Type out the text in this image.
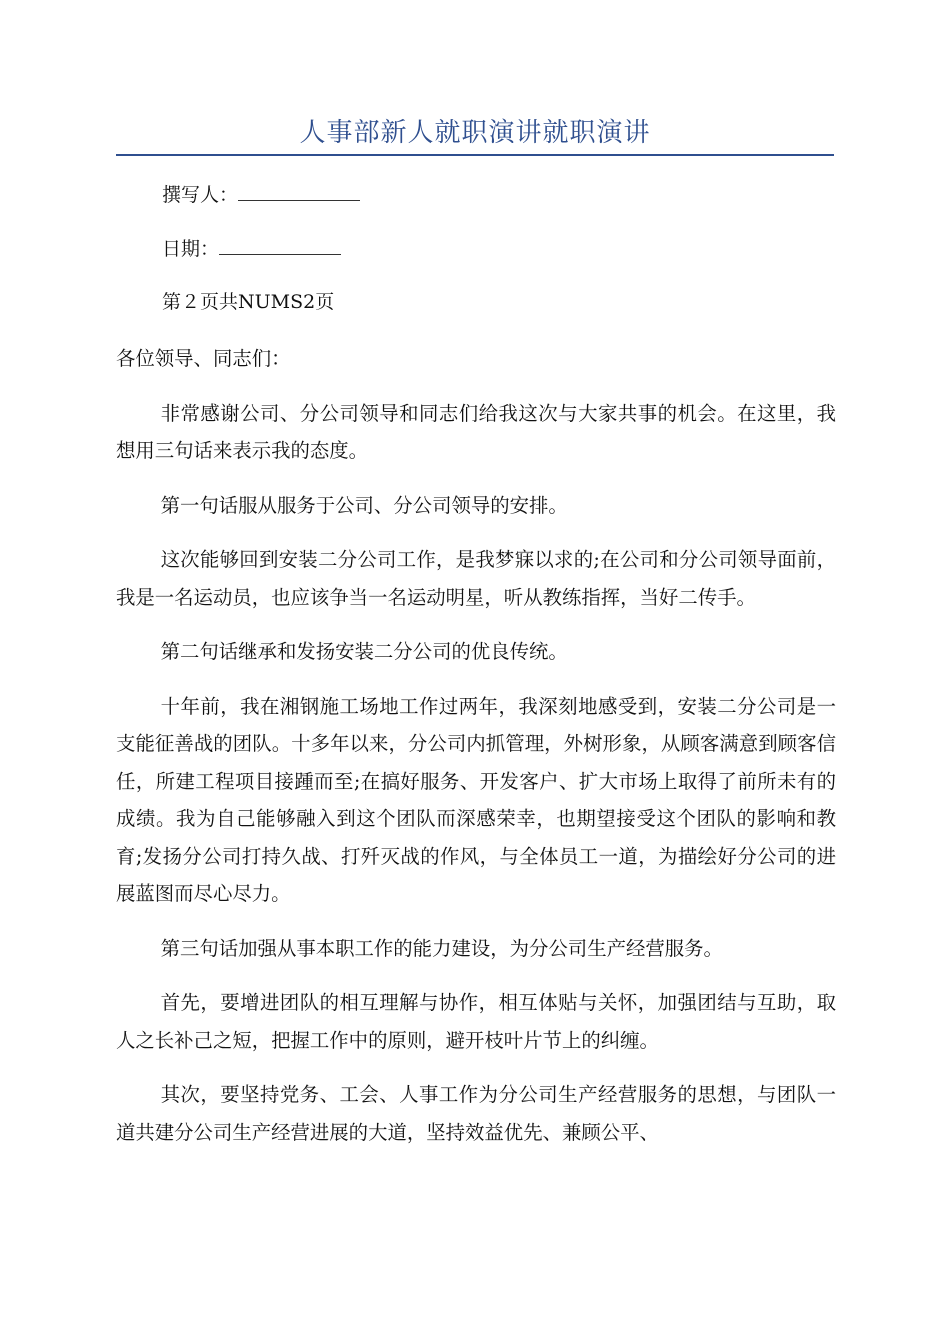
人事部新人就职演讲就职演讲
撰写人：
日期：
第２页共NUMS2页

各位领导、同志们：

非常感谢公司、分公司领导和同志们给我这次与大家共事的机会。在这里，我想用三句话来表示我的态度。

第一句话服从服务于公司、分公司领导的安排。

这次能够回到安装二分公司工作，是我梦寐以求的;在公司和分公司领导面前，我是一名运动员，也应该争当一名运动明星，听从教练指挥，当好二传手。

第二句话继承和发扬安装二分公司的优良传统。

十年前，我在湘钢施工场地工作过两年，我深刻地感受到，安装二分公司是一支能征善战的团队。十多年以来，分公司内抓管理，外树形象，从顾客满意到顾客信任，所建工程项目接踵而至;在搞好服务、开发客户、扩大市场上取得了前所未有的成绩。我为自己能够融入到这个团队而深感荣幸，也期望接受这个团队的影响和教育;发扬分公司打持久战、打歼灭战的作风，与全体员工一道，为描绘好分公司的进展蓝图而尽心尽力。

第三句话加强从事本职工作的能力建设，为分公司生产经营服务。

首先，要增进团队的相互理解与协作，相互体贴与关怀，加强团结与互助，取人之长补己之短，把握工作中的原则，避开枝叶片节上的纠缠。

其次，要坚持党务、工会、人事工作为分公司生产经营服务的思想，与团队一道共建分公司生产经营进展的大道，坚持效益优先、兼顾公平、
